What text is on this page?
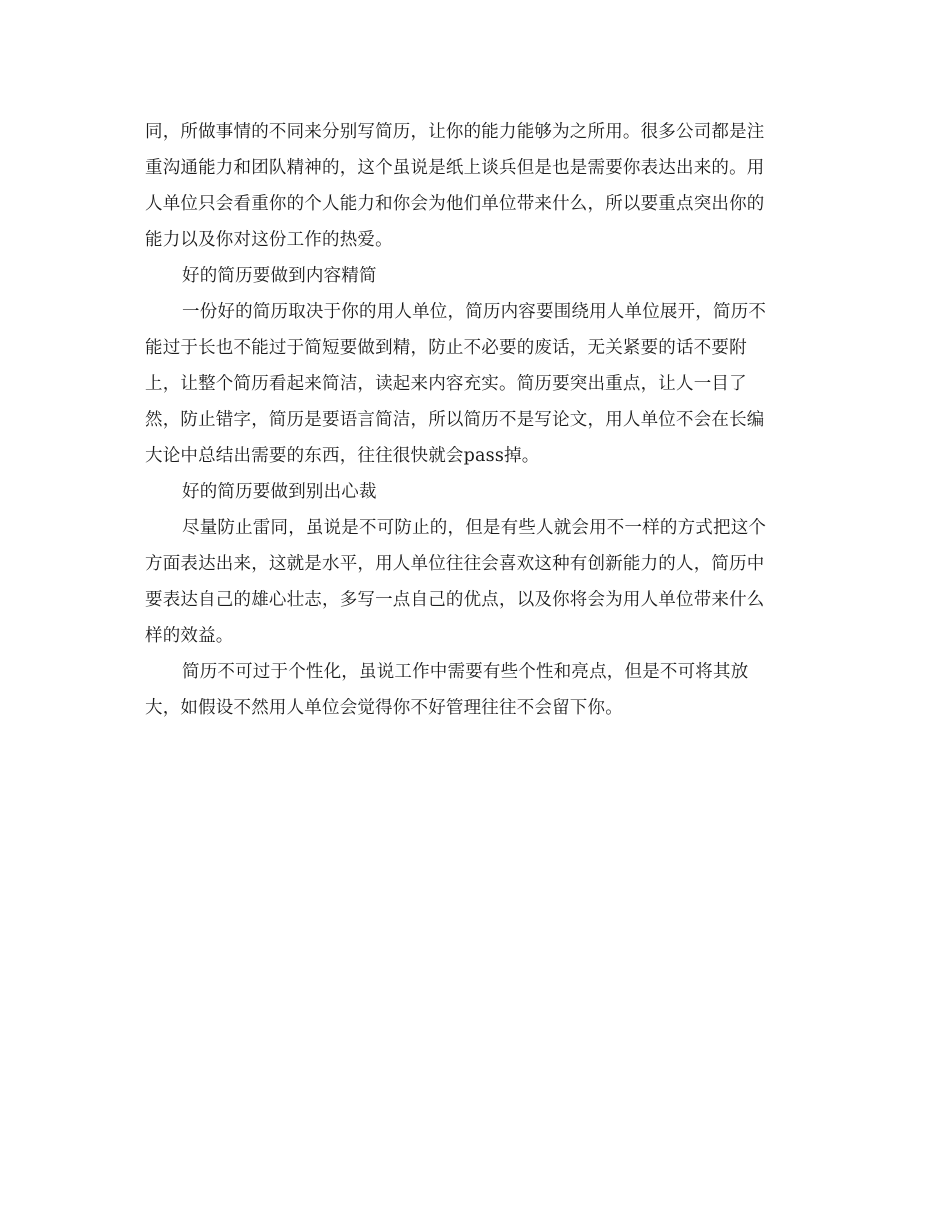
同，所做事情的不同来分别写简历，让你的能力能够为之所用。很多公司都是注
重沟通能力和团队精神的，这个虽说是纸上谈兵但是也是需要你表达出来的。用
人单位只会看重你的个人能力和你会为他们单位带来什么，所以要重点突出你的
能力以及你对这份工作的热爱。
好的简历要做到内容精简
一份好的简历取决于你的用人单位，简历内容要围绕用人单位展开，简历不
能过于长也不能过于简短要做到精，防止不必要的废话，无关紧要的话不要附
上，让整个简历看起来简洁，读起来内容充实。简历要突出重点，让人一目了
然，防止错字，简历是要语言简洁，所以简历不是写论文，用人单位不会在长编
大论中总结出需要的东西，往往很快就会pass掉。
好的简历要做到别出心裁
尽量防止雷同，虽说是不可防止的，但是有些人就会用不一样的方式把这个
方面表达出来，这就是水平，用人单位往往会喜欢这种有创新能力的人，简历中
要表达自己的雄心壮志，多写一点自己的优点，以及你将会为用人单位带来什么
样的效益。
简历不可过于个性化，虽说工作中需要有些个性和亮点，但是不可将其放
大，如假设不然用人单位会觉得你不好管理往往不会留下你。
